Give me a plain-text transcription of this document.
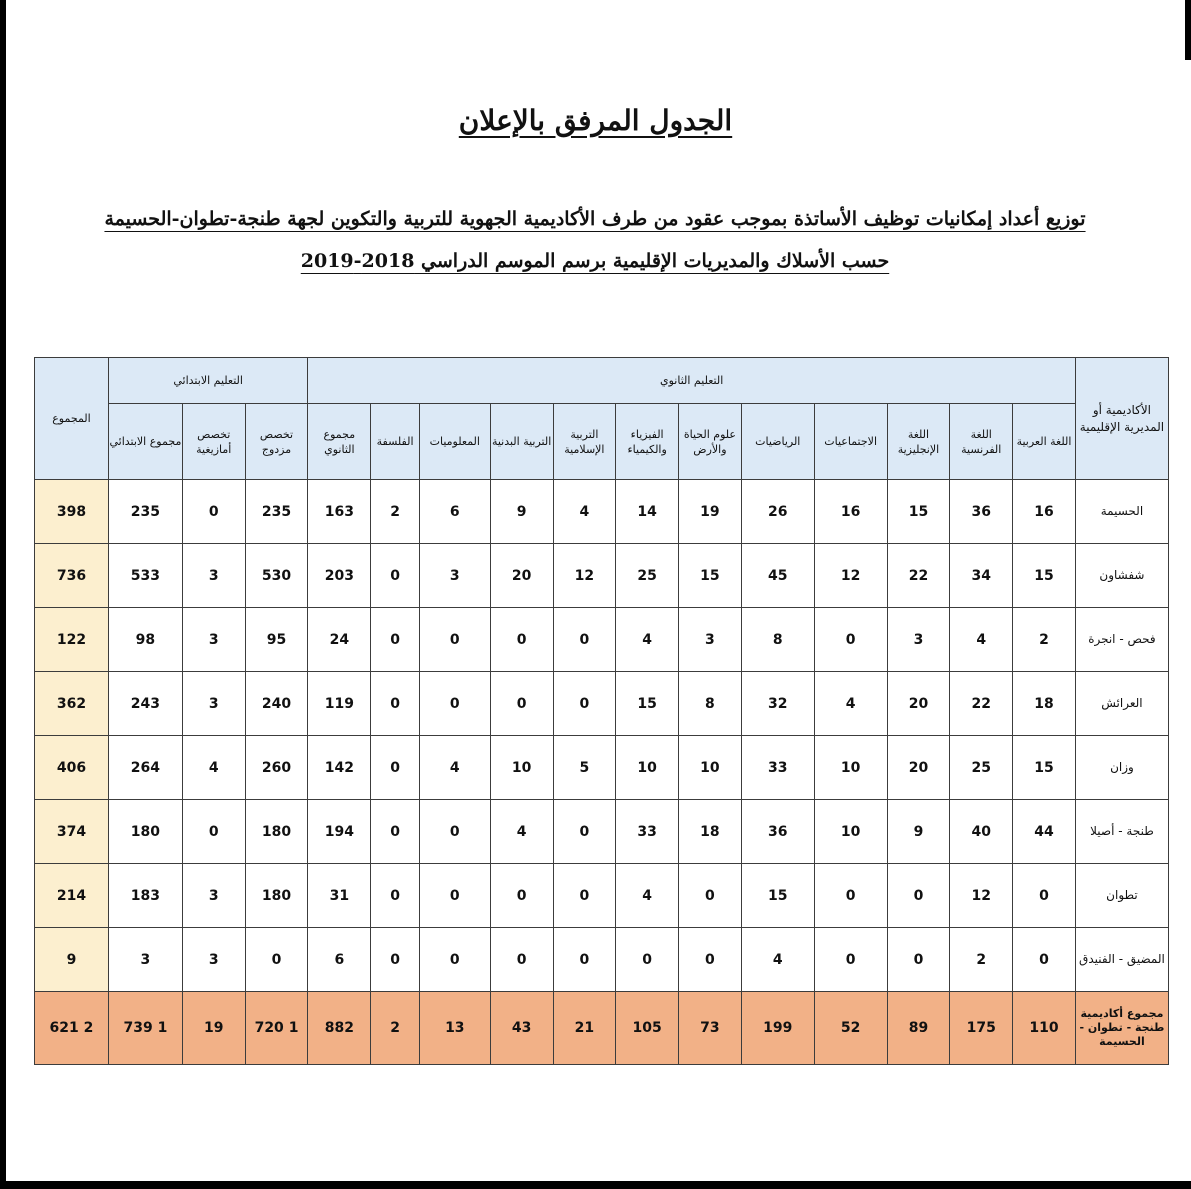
الجدول المرفق بالإعلان
توزيع أعداد إمكانيات توظيف الأساتذة بموجب عقود من طرف الأكاديمية الجهوية للتربية والتكوين لجهة طنجة-تطوان-الحسيمة
حسب الأسلاك والمديريات الإقليمية برسم الموسم الدراسي 2018-2019
الأكاديمية أو المديرية الإقليمية	التعليم الثانوي												التعليم الابتدائي			المجموع
	اللغة العربية	اللغة الفرنسية	اللغة الإنجليزية	الاجتماعيات	الرياضيات	علوم الحياة والأرض	الفيزياء والكيمياء	التربية الإسلامية	التربية البدنية	المعلوميات	الفلسفة	مجموع الثانوي	تخصص مزدوج	تخصص أمازيغية	مجموع الابتدائي	
الحسيمة	16	36	15	16	26	19	14	4	9	6	2	163	235	0	235	398
شفشاون	15	34	22	12	45	15	25	12	20	3	0	203	530	3	533	736
فحص - انجرة	2	4	3	0	8	3	4	0	0	0	0	24	95	3	98	122
العرائش	18	22	20	4	32	8	15	0	0	0	0	119	240	3	243	362
وزان	15	25	20	10	33	10	10	5	10	4	0	142	260	4	264	406
طنجة - أصيلا	44	40	9	10	36	18	33	0	4	0	0	194	180	0	180	374
تطوان	0	12	0	0	15	0	4	0	0	0	0	31	180	3	183	214
المضيق - الفنيدق	0	2	0	0	4	0	0	0	0	0	0	6	0	3	3	9
مجموع أكاديمية طنجة - تطوان - الحسيمة	110	175	89	52	199	73	105	21	43	13	2	882	1 720	19	1 739	2 621
